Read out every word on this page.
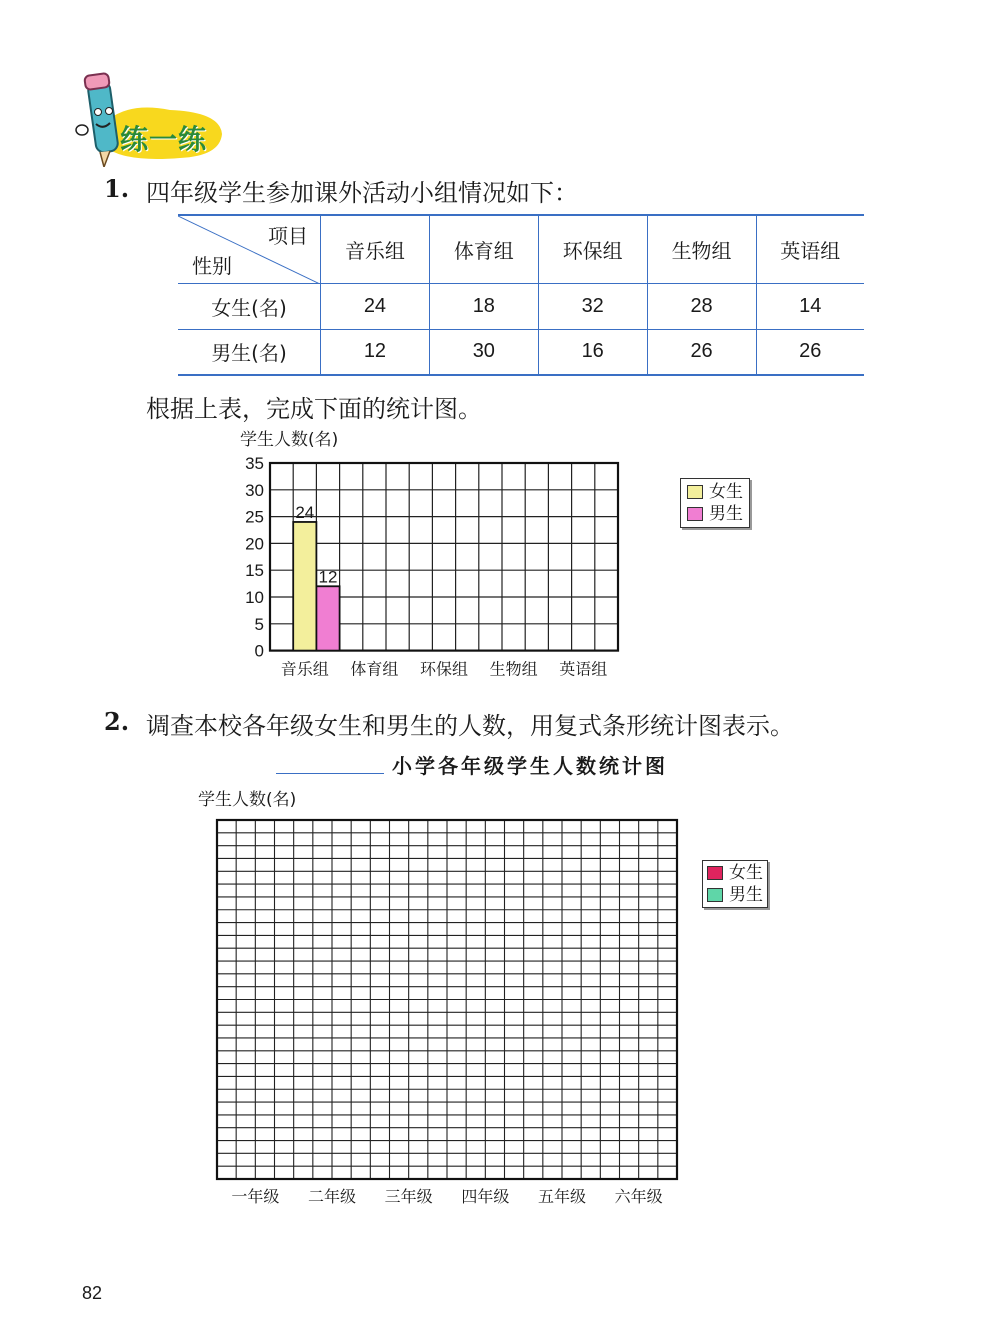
练一练
1. 四年级学生参加课外活动小组情况如下：
项目
性别	音乐组	体育组	环保组	生物组	英语组
女生(名)	24	18	32	28	14
男生(名)	12	30	16	26	26
根据上表，完成下面的统计图。
学生人数(名)
0
5
10
15
20
25
30
35
音乐组 体育组 环保组 生物组 英语组
24
12
女生
男生
2. 调查本校各年级女生和男生的人数，用复式条形统计图表示。
小学各年级学生人数统计图
学生人数(名)
一年级 二年级 三年级 四年级 五年级 六年级
女生
男生
82
